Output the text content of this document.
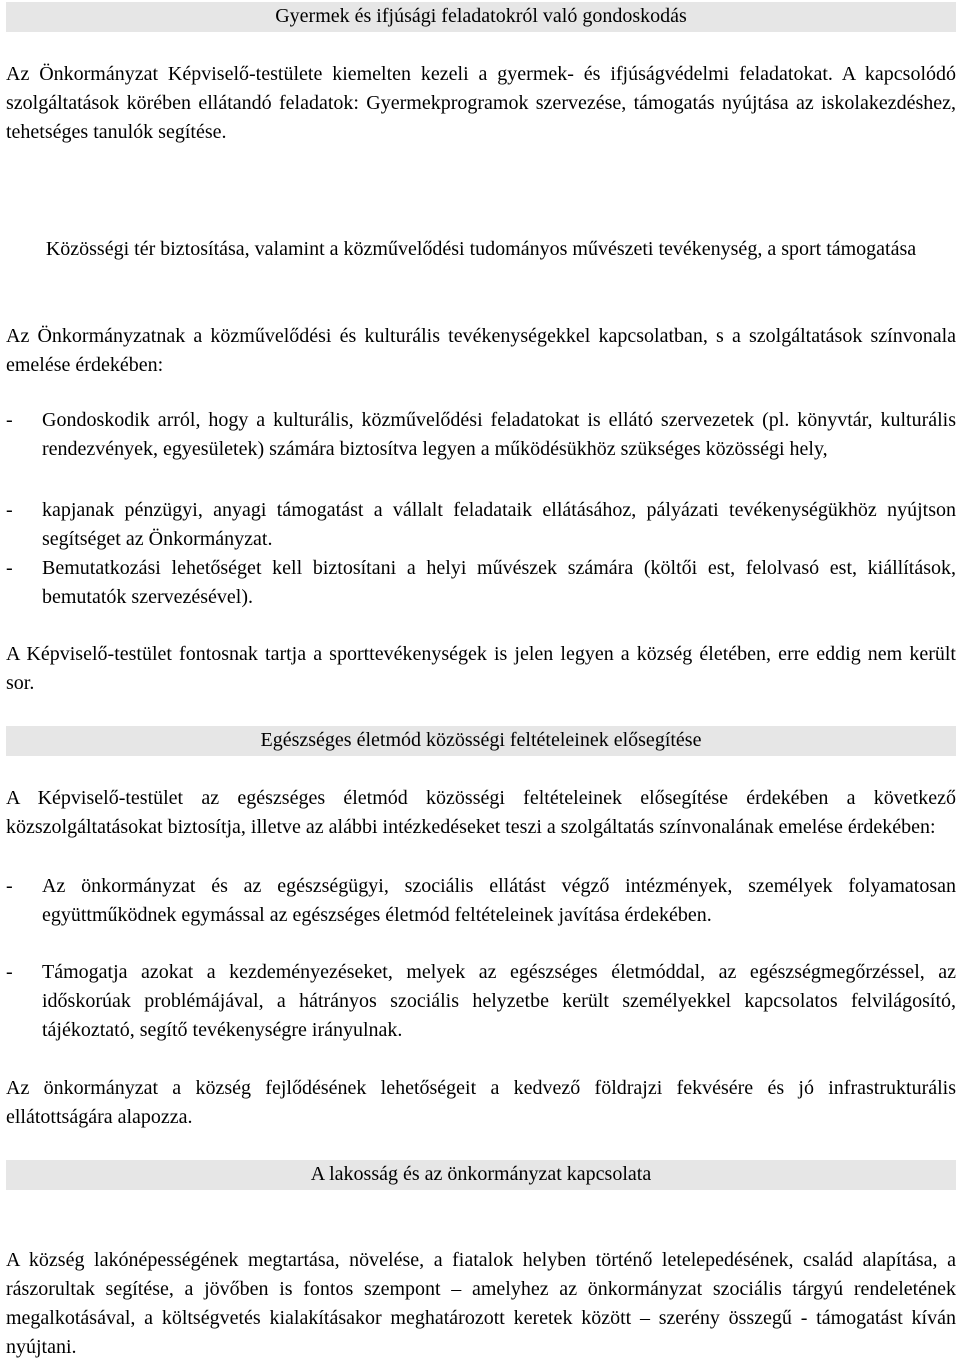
Gyermek és ifjúsági feladatokról való gondoskodás

Az Önkormányzat Képviselő-testülete kiemelten kezeli a gyermek- és ifjúságvédelmi feladatokat. A kapcsolódó szolgáltatások körében ellátandó feladatok: Gyermekprogramok szervezése, támogatás nyújtása az iskolakezdéshez, tehetséges tanulók segítése.

Közösségi tér biztosítása, valamint a közművelődési tudományos művészeti tevékenység, a sport támogatása

Az Önkormányzatnak a közművelődési és kulturális tevékenységekkel kapcsolatban, s a szolgáltatások színvonala emelése érdekében:

-	Gondoskodik arról, hogy a kulturális, közművelődési feladatokat is ellátó szervezetek (pl. könyvtár, kulturális rendezvények, egyesületek) számára biztosítva legyen a működésükhöz szükséges közösségi hely,
-	kapjanak pénzügyi, anyagi támogatást a vállalt feladataik ellátásához, pályázati tevékenységükhöz nyújtson segítséget az Önkormányzat.
-	Bemutatkozási lehetőséget kell biztosítani a helyi művészek számára (költői est, felolvasó est, kiállítások, bemutatók szervezésével).

A Képviselő-testület fontosnak tartja a sporttevékenységek is jelen legyen a község életében, erre eddig nem került sor.

Egészséges életmód közösségi feltételeinek elősegítése

A Képviselő-testület az egészséges életmód közösségi feltételeinek elősegítése érdekében a következő közszolgáltatásokat biztosítja, illetve az alábbi intézkedéseket teszi a szolgáltatás színvonalának emelése érdekében:

-	Az önkormányzat és az egészségügyi, szociális ellátást végző intézmények, személyek folyamatosan együttműködnek egymással az egészséges életmód feltételeinek javítása érdekében.
-	Támogatja azokat a kezdeményezéseket, melyek az egészséges életmóddal, az egészségmegőrzéssel, az időskorúak problémájával, a hátrányos szociális helyzetbe került személyekkel kapcsolatos felvilágosító, tájékoztató, segítő tevékenységre irányulnak.

Az önkormányzat a község fejlődésének lehetőségeit a kedvező földrajzi fekvésére és jó infrastrukturális ellátottságára alapozza.

A lakosság és az önkormányzat kapcsolata

A község lakónépességének megtartása, növelése, a fiatalok helyben történő letelepedésének, család alapítása, a rászorultak segítése, a jövőben is fontos szempont – amelyhez az önkormányzat szociális tárgyú rendeletének megalkotásával, a költségvetés kialakításakor meghatározott keretek között – szerény összegű - támogatást kíván nyújtani.
